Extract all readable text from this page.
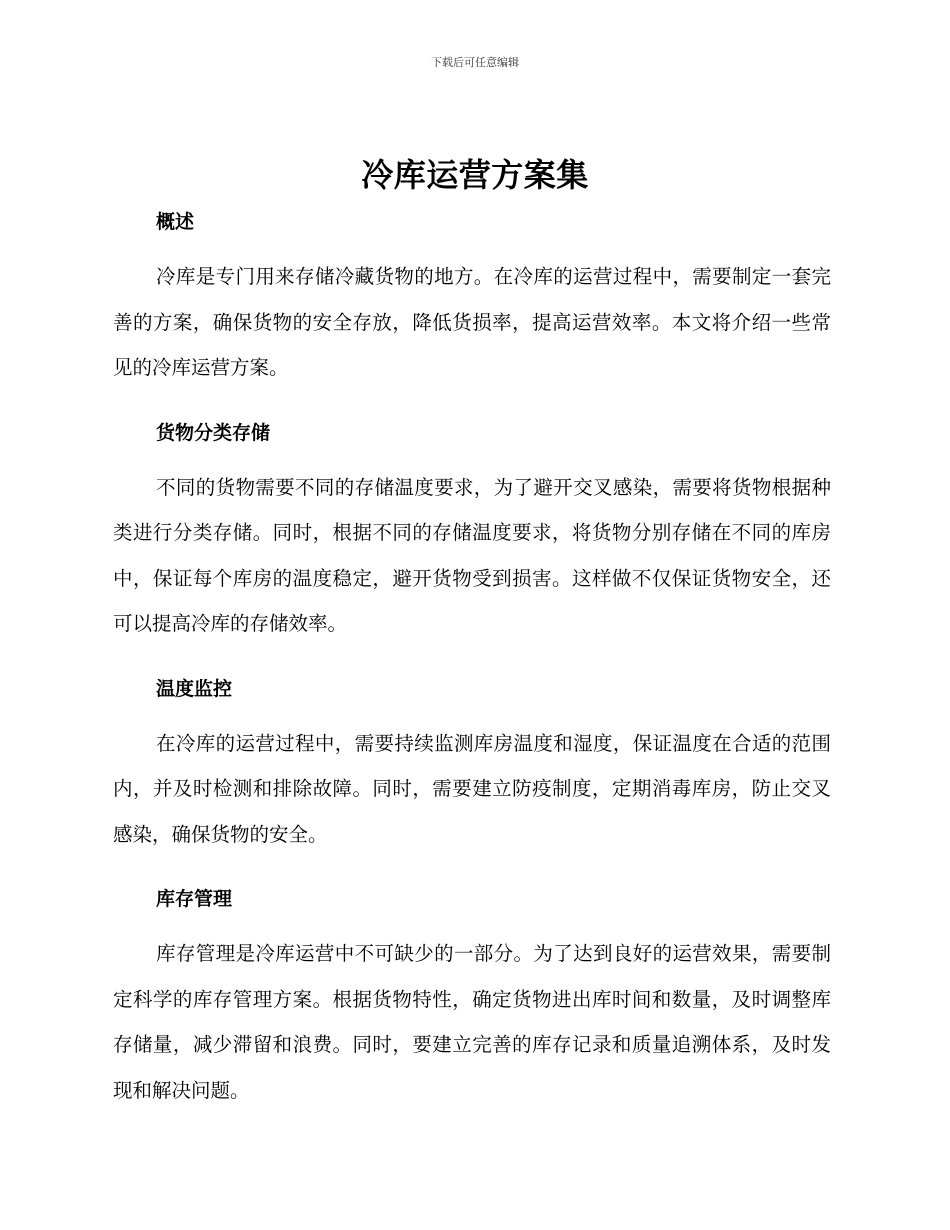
下载后可任意编辑
冷库运营方案集
概述

冷库是专门用来存储冷藏货物的地方。在冷库的运营过程中，需要制定一套完善的方案，确保货物的安全存放，降低货损率，提高运营效率。本文将介绍一些常见的冷库运营方案。

货物分类存储

不同的货物需要不同的存储温度要求，为了避开交叉感染，需要将货物根据种类进行分类存储。同时，根据不同的存储温度要求，将货物分别存储在不同的库房中，保证每个库房的温度稳定，避开货物受到损害。这样做不仅保证货物安全，还可以提高冷库的存储效率。

温度监控

在冷库的运营过程中，需要持续监测库房温度和湿度，保证温度在合适的范围内，并及时检测和排除故障。同时，需要建立防疫制度，定期消毒库房，防止交叉感染，确保货物的安全。

库存管理

库存管理是冷库运营中不可缺少的一部分。为了达到良好的运营效果，需要制定科学的库存管理方案。根据货物特性，确定货物进出库时间和数量，及时调整库存储量，减少滞留和浪费。同时，要建立完善的库存记录和质量追溯体系，及时发现和解决问题。
